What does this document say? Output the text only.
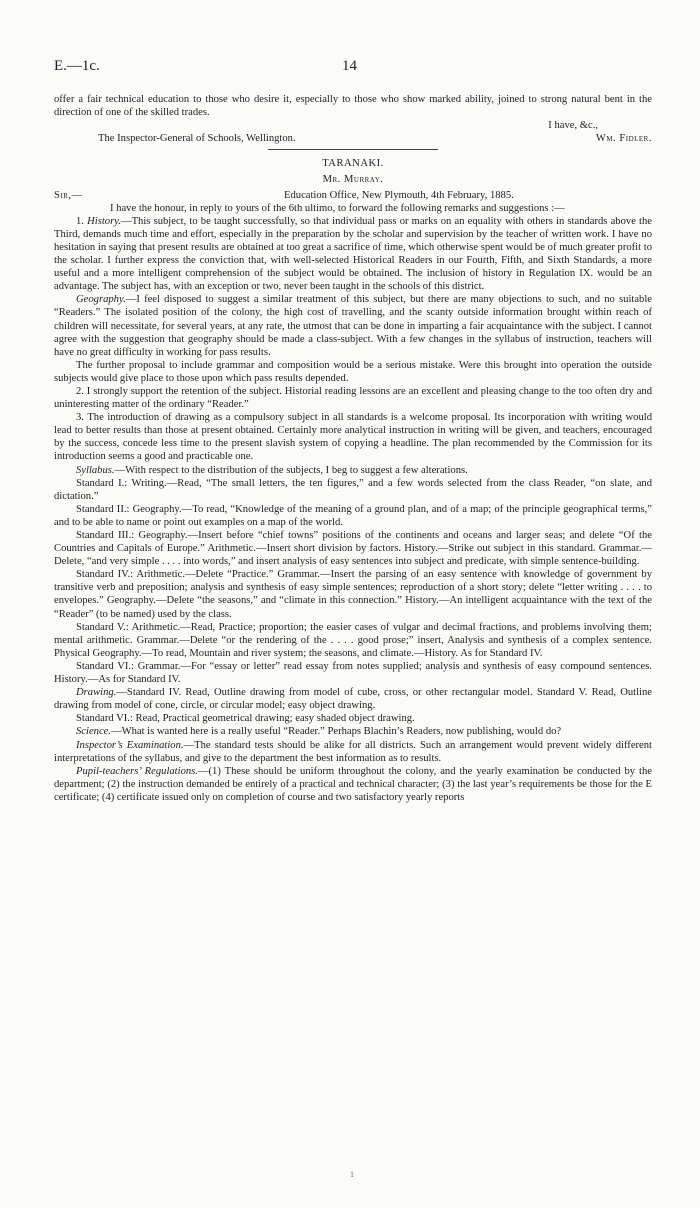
E.—1c.	14

offer a fair technical education to those who desire it, especially to those who show marked ability, joined to strong natural bent in the direction of one of the skilled trades.

I have, &c.,

The Inspector-General of Schools, Wellington.	Wm. Fidler.

TARANAKI.

Mr. Murray.

Sir,—	Education Office, New Plymouth, 4th February, 1885.

I have the honour, in reply to yours of the 6th ultimo, to forward the following remarks and suggestions :—

1. History.—This subject, to be taught successfully, so that individual pass or marks on an equality with others in standards above the Third, demands much time and effort, especially in the preparation by the scholar and supervision by the teacher of written work. I have no hesitation in saying that present results are obtained at too great a sacrifice of time, which otherwise spent would be of much greater profit to the scholar. I further express the conviction that, with well-selected Historical Readers in our Fourth, Fifth, and Sixth Standards, a more useful and a more intelligent comprehension of the subject would be obtained. The inclusion of history in Regulation IX. would be an advantage. The subject has, with an exception or two, never been taught in the schools of this district.

Geography.—I feel disposed to suggest a similar treatment of this subject, but there are many objections to such, and no suitable “Readers.” The isolated position of the colony, the high cost of travelling, and the scanty outside information brought within reach of children will necessitate, for several years, at any rate, the utmost that can be done in imparting a fair acquaintance with the subject. I cannot agree with the suggestion that geography should be made a class-subject. With a few changes in the syllabus of instruction, teachers will have no great difficulty in working for pass results.

The further proposal to include grammar and composition would be a serious mistake. Were this brought into operation the outside subjects would give place to those upon which pass results depended.

2. I strongly support the retention of the subject. Historial reading lessons are an excellent and pleasing change to the too often dry and uninteresting matter of the ordinary “Reader.”

3. The introduction of drawing as a compulsory subject in all standards is a welcome proposal. Its incorporation with writing would lead to better results than those at present obtained. Certainly more analytical instruction in writing will be given, and teachers, encouraged by the success, concede less time to the present slavish system of copying a headline. The plan recommended by the Commission for its introduction seems a good and practicable one.

Syllabus.—With respect to the distribution of the subjects, I beg to suggest a few alterations.

Standard I.: Writing.—Read, “The small letters, the ten figures,” and a few words selected from the class Reader, “on slate, and dictation.”

Standard II.: Geography.—To read, “Knowledge of the meaning of a ground plan, and of a map; of the principle geographical terms,” and to be able to name or point out examples on a map of the world.

Standard III.: Geography.—Insert before “chief towns” positions of the continents and oceans and larger seas; and delete “Of the Countries and Capitals of Europe.” Arithmetic.—Insert short division by factors. History.—Strike out subject in this standard. Grammar.—Delete, “and very simple . . . . into words,” and insert analysis of easy sentences into subject and predicate, with simple sentence-building.

Standard IV.: Arithmetic.—Delete “Practice.” Grammar.—Insert the parsing of an easy sentence with knowledge of government by transitive verb and preposition; analysis and synthesis of easy simple sentences; reproduction of a short story; delete “letter writing . . . . to envelopes.” Geography.—Delete “the seasons,” and “climate in this connection.” History.—An intelligent acquaintance with the text of the “Reader” (to be named) used by the class.

Standard V.: Arithmetic.—Read, Practice; proportion; the easier cases of vulgar and decimal fractions, and problems involving them; mental arithmetic. Grammar.—Delete “or the rendering of the . . . . good prose;” insert, Analysis and synthesis of a complex sentence. Physical Geography.—To read, Mountain and river system; the seasons, and climate.—History. As for Standard IV.

Standard VI.: Grammar.—For “essay or letter” read essay from notes supplied; analysis and synthesis of easy compound sentences. History.—As for Standard IV.

Drawing.—Standard IV. Read, Outline drawing from model of cube, cross, or other rectangular model. Standard V. Read, Outline drawing from model of cone, circle, or circular model; easy object drawing.

Standard VI.: Read, Practical geometrical drawing; easy shaded object drawing.

Science.—What is wanted here is a really useful “Reader.” Perhaps Blachin’s Readers, now publishing, would do?

Inspector’s Examination.—The standard tests should be alike for all districts. Such an arrangement would prevent widely different interpretations of the syllabus, and give to the department the best information as to results.

Pupil-teachers’ Regulations.—(1) These should be uniform throughout the colony, and the yearly examination be conducted by the department; (2) the instruction demanded be entirely of a practical and technical character; (3) the last year’s requirements be those for the E certificate; (4) certificate issued only on completion of course and two satisfactory yearly reports

1
